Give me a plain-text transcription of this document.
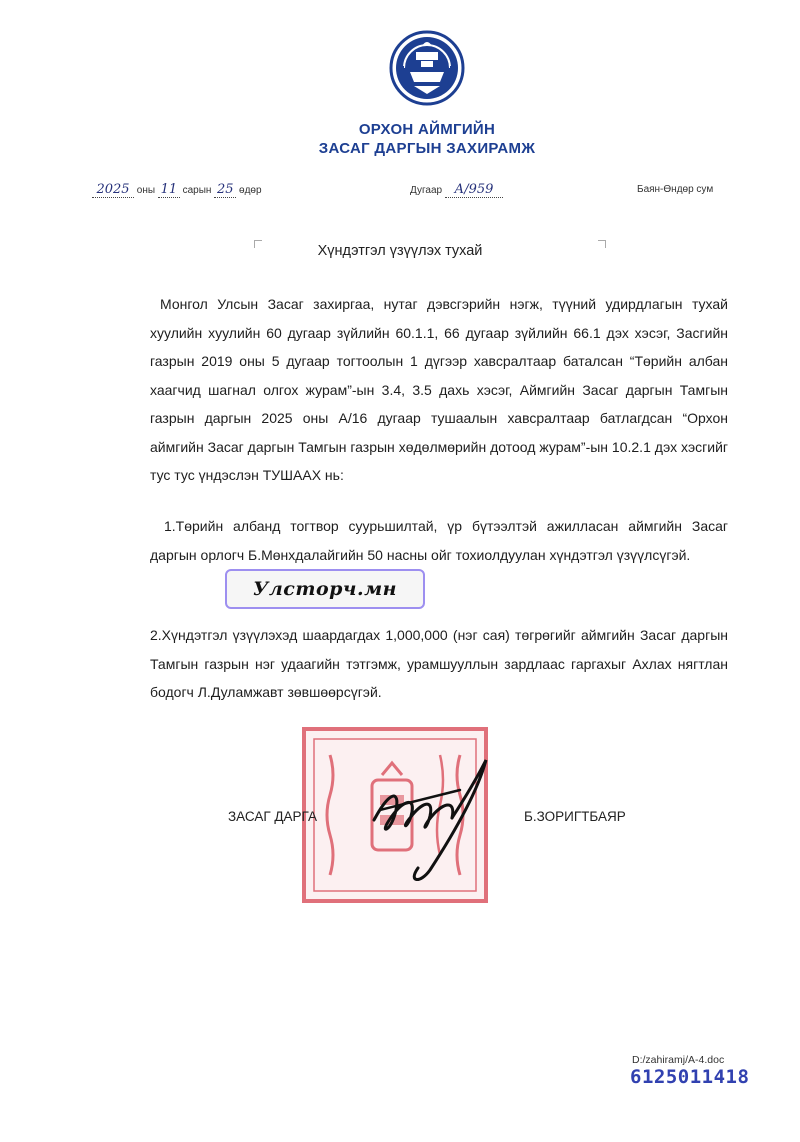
ОРХОН АЙМГИЙН
ЗАСАГ ДАРГЫН ЗАХИРАМЖ
2025 оны 11 сарын 25 өдөр	Дугаар А/959	Баян-Өндөр сум
Хүндэтгэл үзүүлэх тухай

Монгол Улсын Засаг захиргаа, нутаг дэвсгэрийн нэгж, түүний удирдлагын тухай хуулийн хуулийн 60 дугаар зүйлийн 60.1.1, 66 дугаар зүйлийн 66.1 дэх хэсэг, Засгийн газрын 2019 оны 5 дугаар тогтоолын 1 дүгээр хавсралтаар баталсан “Төрийн албан хаагчид шагнал олгох журам”-ын 3.4, 3.5 дахь хэсэг, Аймгийн Засаг даргын Тамгын газрын даргын 2025 оны А/16 дугаар тушаалын хавсралтаар батлагдсан “Орхон аймгийн Засаг даргын Тамгын газрын хөдөлмөрийн дотоод журам”-ын 10.2.1 дэх хэсгийг тус тус үндэслэн ТУШААХ нь:

1.Төрийн албанд тогтвор суурьшилтай, үр бүтээлтэй ажилласан аймгийн Засаг даргын орлогч Б.Мөнхдалайгийн 50 насны ойг тохиолдуулан хүндэтгэл үзүүлсүгэй.

2.Хүндэтгэл үзүүлэхэд шаардагдах 1,000,000 (нэг сая) төгрөгийг аймгийн Засаг даргын Тамгын газрын нэг удаагийн тэтгэмж, урамшууллын зардлаас гаргахыг Ахлах нягтлан бодогч Л.Дуламжавт зөвшөөрсүгэй.

Улсторч.мн
ЗАСАГ ДАРГА	Б.ЗОРИГТБАЯР
D:/zahiramj/A-4.doc
6125011418
